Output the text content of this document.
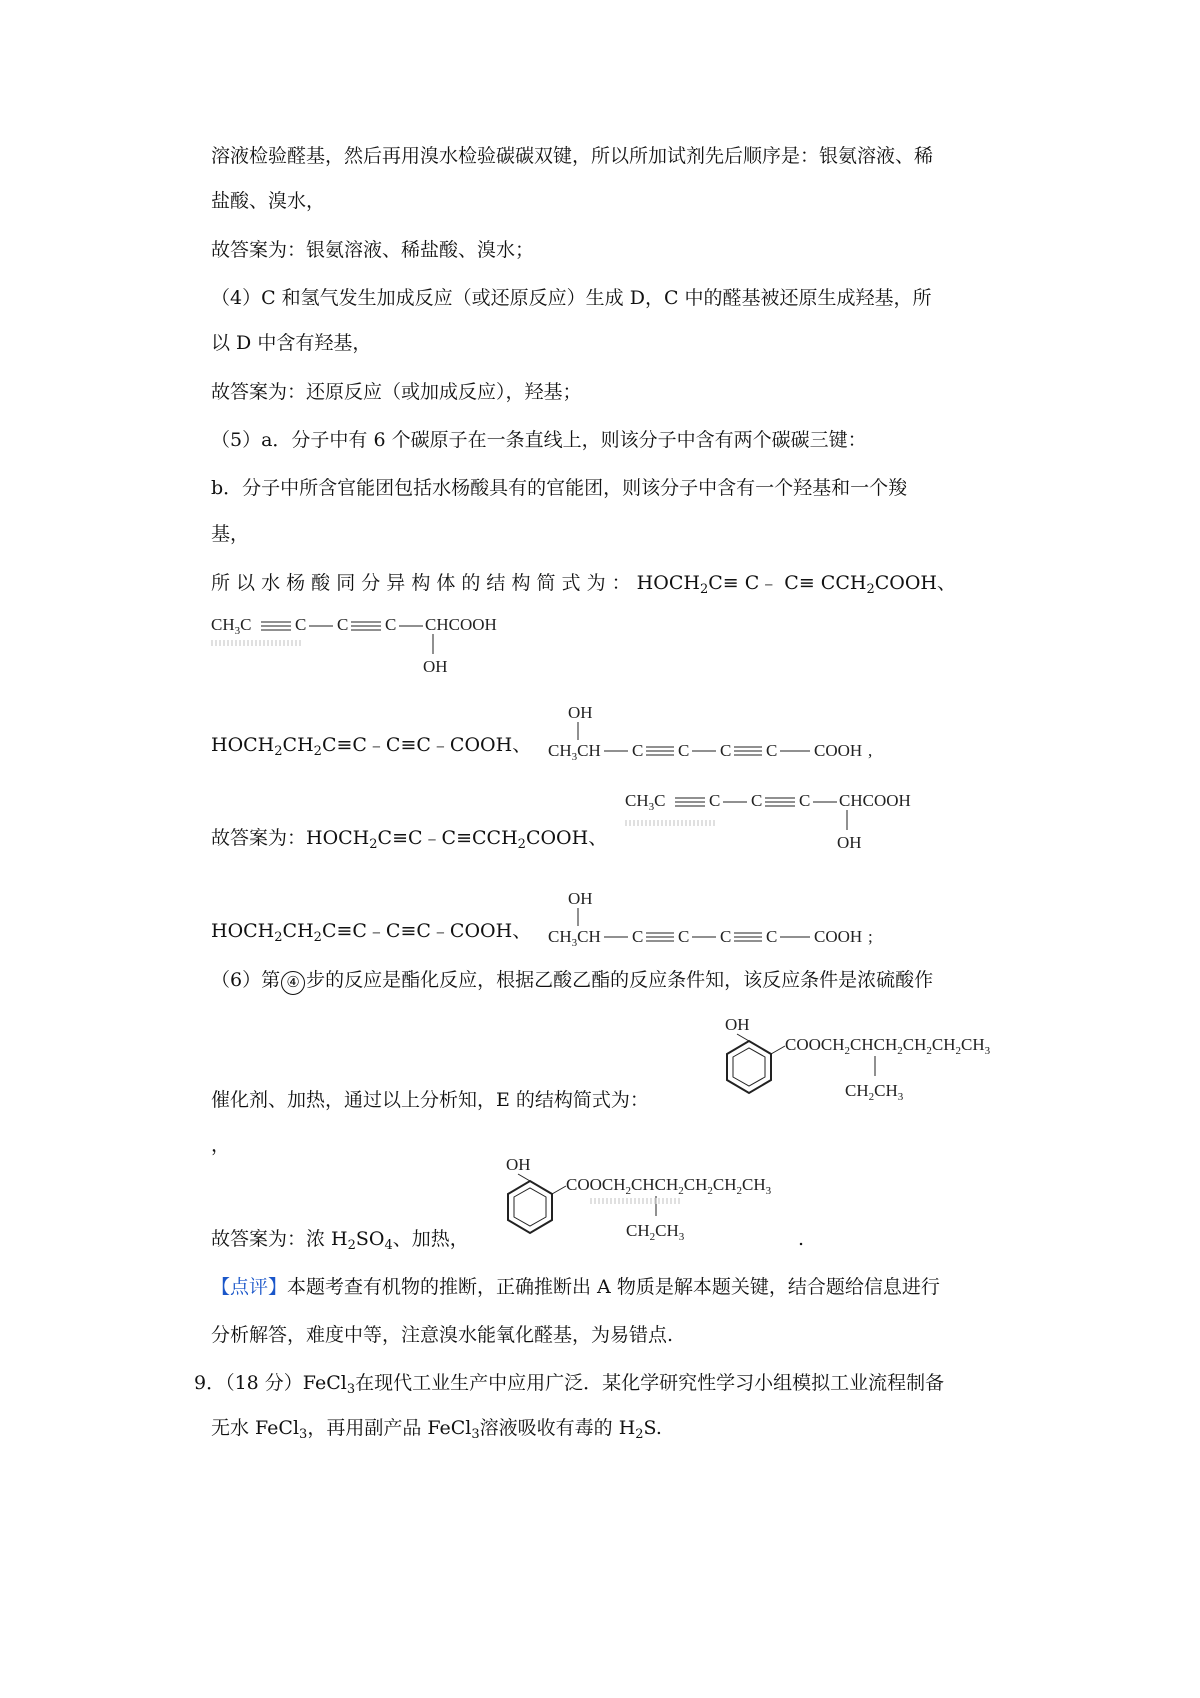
溶液检验醛基，然后再用溴水检验碳碳双键，所以所加试剂先后顺序是：银氨溶液、稀
盐酸、溴水，
故答案为：银氨溶液、稀盐酸、溴水；
（4）C 和氢气发生加成反应（或还原反应）生成 D，C 中的醛基被还原生成羟基，所
以 D 中含有羟基，
故答案为：还原反应（或加成反应），羟基；
（5）a．分子中有 6 个碳原子在一条直线上，则该分子中含有两个碳碳三键：
b．分子中所含官能团包括水杨酸具有的官能团，则该分子中含有一个羟基和一个羧
基，
所 以 水 杨 酸 同 分 异 构 体 的 结 构 简 式 为 ： $HOCH_2C\equiv$ C﹣ $C\equiv CCH_2COOH$、
$CH_3C$	C C C CHCOOH
OH
$HOCH_2CH_2C\equiv C﹣C\equiv C﹣COOH$、
OH
$CH_3CH$ C C C C COOH ,
$CH_3C$	C C C CHCOOH
OH
故答案为：$HOCH_2C\equiv C﹣C\equiv CCH_2COOH$、
$HOCH_2CH_2C\equiv C﹣C\equiv C﹣COOH$、
OH
$CH_3CH$ C C C C COOH ;
（6）第 ④ 步的反应是酯化反应，根据乙酸乙酯的反应条件知，该反应条件是浓硫酸作
催化剂、加热，通过以上分析知，E 的结构简式为：
OH
$COOCH_2CHCH_2CH_2CH_2CH_3$
$CH_2CH_3$
，
OH
$COOCH_2CHCH_2CH_2CH_2CH_3$
$CH_2CH_3$
故答案为：浓 $H_2SO_4$、加热，	.
【点评】本题考查有机物的推断，正确推断出 A 物质是解本题关键，结合题给信息进行
分析解答，难度中等，注意溴水能氧化醛基，为易错点.
9．（18 分）FeCl$_3$在现代工业生产中应用广泛．某化学研究性学习小组模拟工业流程制备
无水 FeCl$_3$，再用副产品 FeCl$_3$溶液吸收有毒的 $H_2S$.
